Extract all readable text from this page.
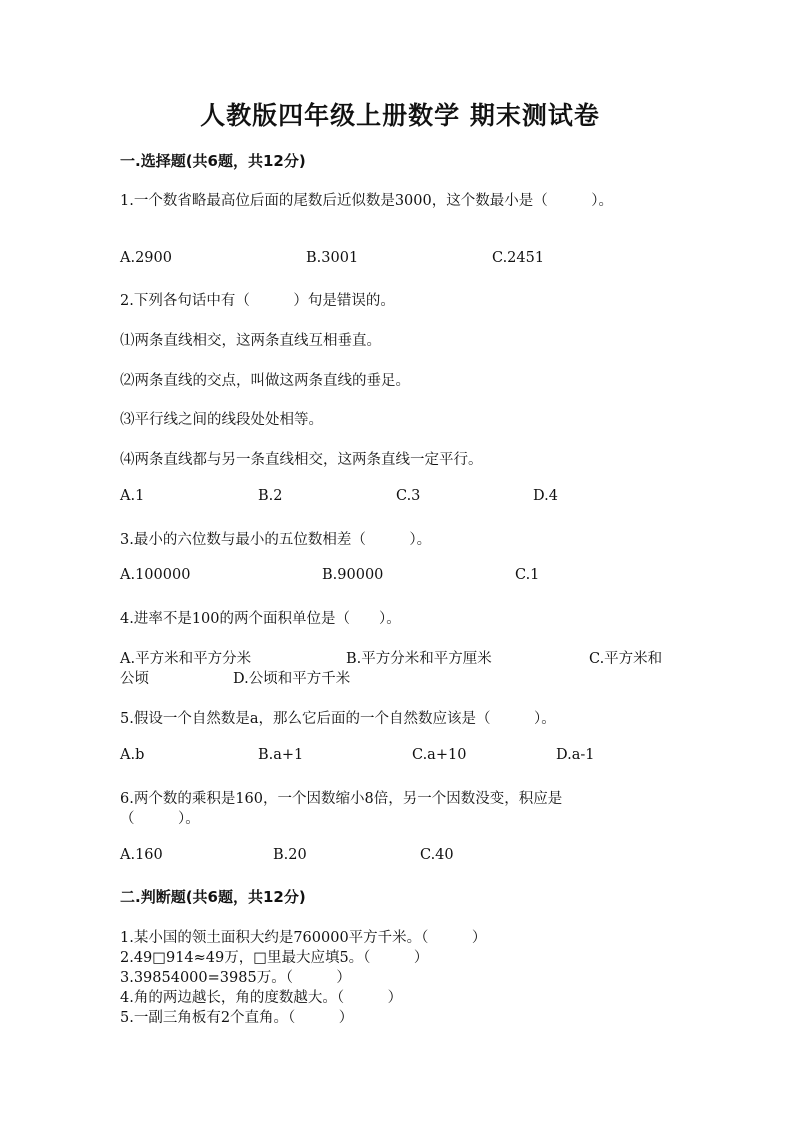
人教版四年级上册数学 期末测试卷
一.选择题(共6题，共12分)
1.一个数省略最高位后面的尾数后近似数是3000，这个数最小是（　　　）。
A.2900	B.3001	C.2451
2.下列各句话中有（　　　）句是错误的。
⑴两条直线相交，这两条直线互相垂直。
⑵两条直线的交点，叫做这两条直线的垂足。
⑶平行线之间的线段处处相等。
⑷两条直线都与另一条直线相交，这两条直线一定平行。
A.1	B.2	C.3	D.4
3.最小的六位数与最小的五位数相差（　　　）。
A.100000	B.90000	C.1
4.进率不是100的两个面积单位是（　　）。
A.平方米和平方分米	B.平方分米和平方厘米	C.平方米和
公顷	D.公顷和平方千米
5.假设一个自然数是a，那么它后面的一个自然数应该是（　　　）。
A.b	B.a+1	C.a+10	D.a-1
6.两个数的乘积是160，一个因数缩小8倍，另一个因数没变，积应是
（　　　）。
A.160	B.20	C.40
二.判断题(共6题，共12分)
1.某小国的领土面积大约是760000平方千米。（　　　）
2.49□914≈49万，□里最大应填5。（　　　）
3.39854000=3985万。（　　　）
4.角的两边越长，角的度数越大。（　　　）
5.一副三角板有2个直角。（　　　）
